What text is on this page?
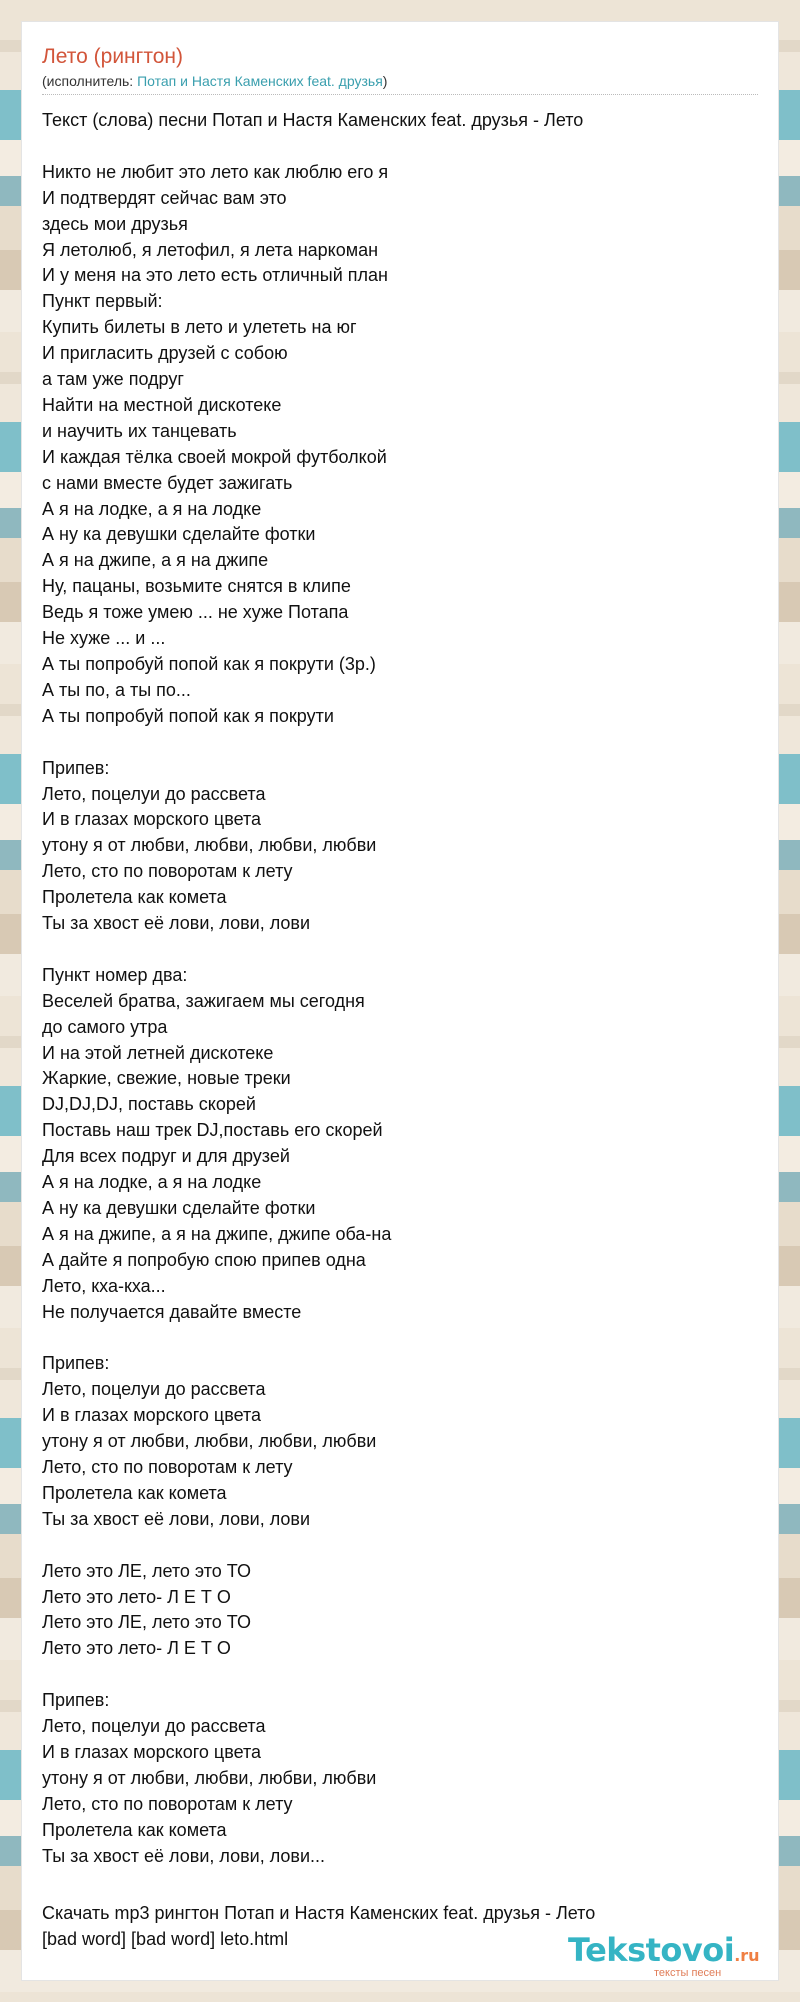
Лето (рингтон)
(исполнитель: Потап и Настя Каменских feat. друзья)
Текст (слова) песни Потап и Настя Каменских feat. друзья - Лето
Никто не любит это лето как люблю его я
И подтвердят сейчас вам это
здесь мои друзья
Я летолюб, я летофил, я лета наркоман
И у меня на это лето есть отличный план
Пункт первый:
Купить билеты в лето и улететь на юг
И пригласить друзей с собою
а там уже подруг
Найти на местной дискотеке
и научить их танцевать
И каждая тёлка своей мокрой футболкой
с нами вместе будет зажигать
А я на лодке, а я на лодке
А ну ка девушки сделайте фотки
А я на джипе, а я на джипе
Ну, пацаны, возьмите снятся в клипе
Ведь я тоже умею ... не хуже Потапа
Не хуже ... и ...
А ты попробуй попой как я покрути (3р.)
А ты по, а ты по...
А ты попробуй попой как я покрути
Припев:
Лето, поцелуи до рассвета
И в глазах морского цвета
утону я от любви, любви, любви, любви
Лето, сто по поворотам к лету
Пролетела как комета
Ты за хвост её лови, лови, лови
Пункт номер два:
Веселей братва, зажигаем мы сегодня
до самого утра
И на этой летней дискотеке
Жаркие, свежие, новые треки
DJ,DJ,DJ, поставь скорей
Поставь наш трек DJ,поставь его скорей
Для всех подруг и для друзей
А я на лодке, а я на лодке
А ну ка девушки сделайте фотки
А я на джипе, а я на джипе, джипе оба-на
А дайте я попробую спою припев одна
Лето, кха-кха...
Не получается давайте вместе
Припев:
Лето, поцелуи до рассвета
И в глазах морского цвета
утону я от любви, любви, любви, любви
Лето, сто по поворотам к лету
Пролетела как комета
Ты за хвост её лови, лови, лови
Лето это ЛЕ, лето это ТО
Лето это лето- Л Е Т О
Лето это ЛЕ, лето это ТО
Лето это лето- Л Е Т О
Припев:
Лето, поцелуи до рассвета
И в глазах морского цвета
утону я от любви, любви, любви, любви
Лето, сто по поворотам к лету
Пролетела как комета
Ты за хвост её лови, лови, лови...
Скачать mp3 рингтон Потап и Настя Каменских feat. друзья - Лето
[bad word] [bad word] leto.html	Tekstovoi.ru
тексты песен
